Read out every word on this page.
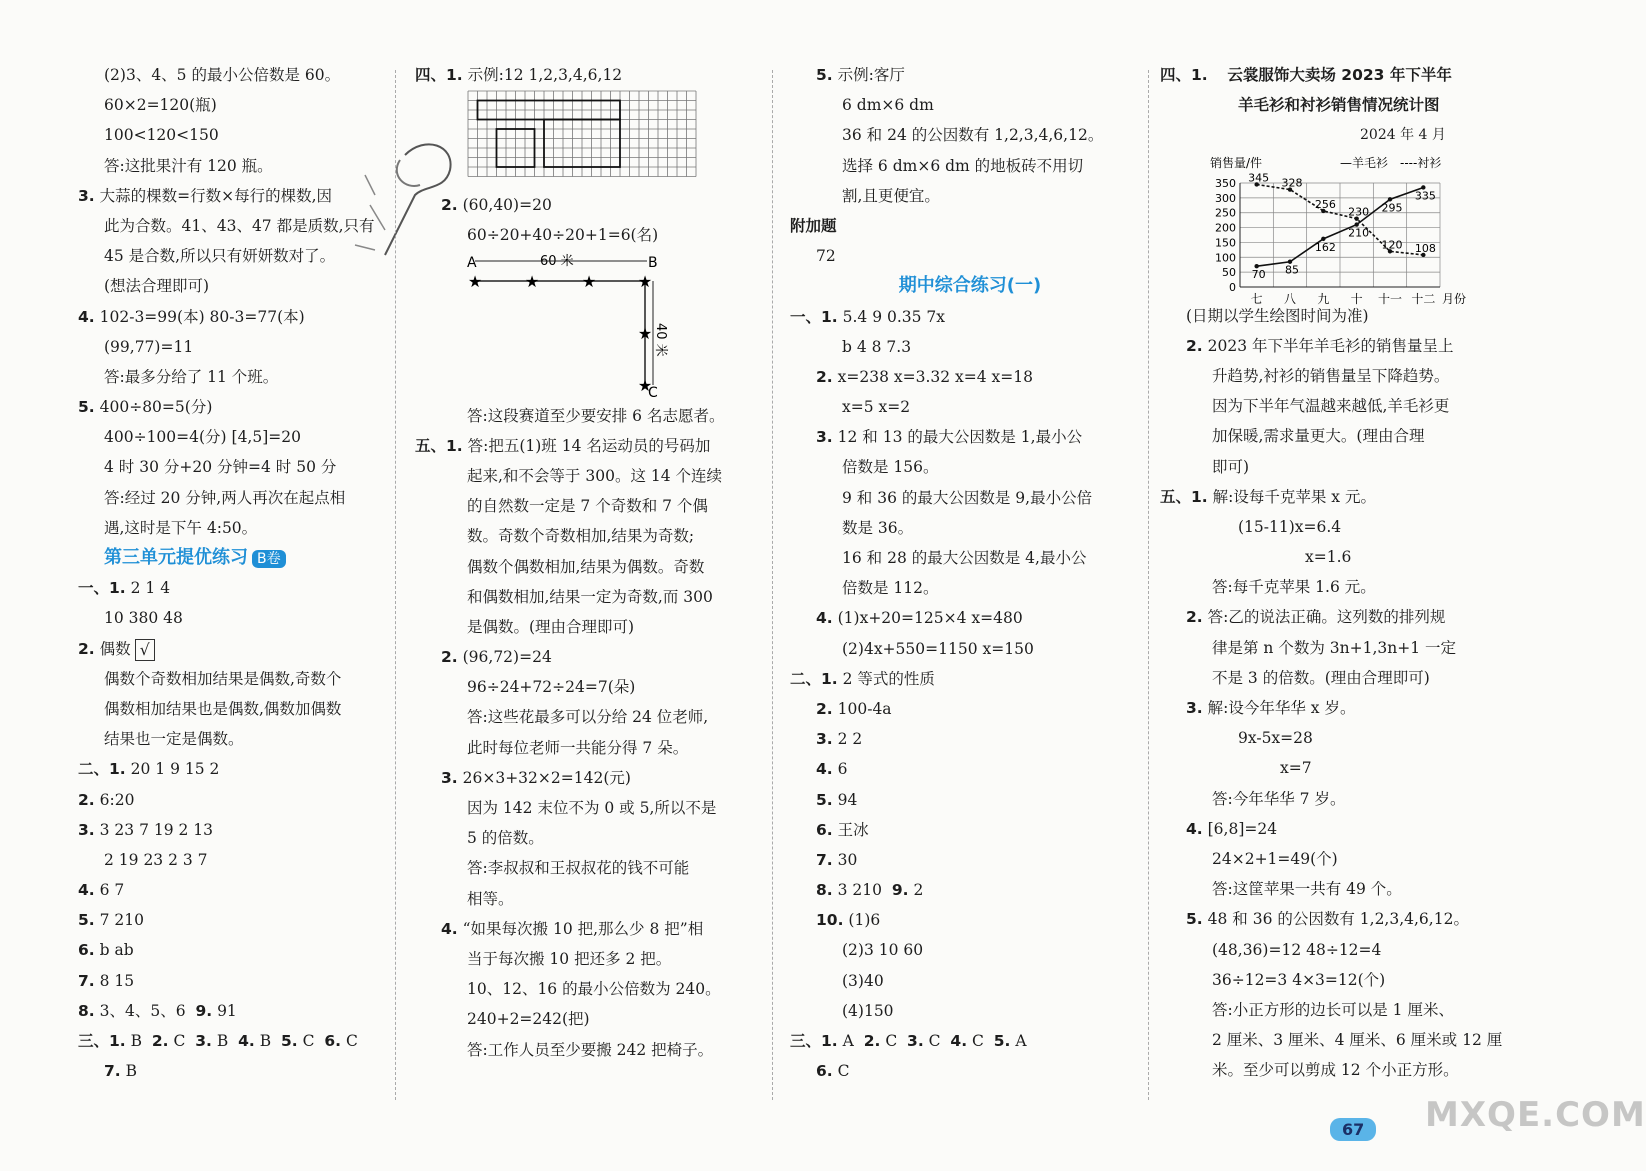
(2)3、4、5 的最小公倍数是 60。
60×2=120(瓶)
100<120<150
答:这批果汁有 120 瓶。
3. 大蒜的棵数=行数×每行的棵数,因
此为合数。41、43、47 都是质数,只有
45 是合数,所以只有妍妍数对了。
(想法合理即可)
4. 102-3=99(本) 80-3=77(本)
(99,77)=11
答:最多分给了 11 个班。
5. 400÷80=5(分)
400÷100=4(分) [4,5]=20
4 时 30 分+20 分钟=4 时 50 分
答:经过 20 分钟,两人再次在起点相
遇,这时是下午 4:50。
第三单元提优练习 B卷
一、1. 2 1 4
10 380 48
2. 偶数 √
偶数个奇数相加结果是偶数,奇数个
偶数相加结果也是偶数,偶数加偶数
结果也一定是偶数。
二、1. 20 1 9 15 2
2. 6:20
3. 3 23 7 19 2 13
2 19 23 2 3 7
4. 6 7
5. 7 210
6. b ab
7. 8 15
8. 3、4、5、6 9. 91
三、1. B 2. C 3. B 4. B 5. C 6. C
7. B
四、1. 示例:12 1,2,3,4,6,12
2. (60,40)=20
60÷20+40÷20+1=6(名)
A	B
C
60 米
40 米
★	★	★	★
★
★
答:这段赛道至少要安排 6 名志愿者。
五、1. 答:把五(1)班 14 名运动员的号码加
起来,和不会等于 300。这 14 个连续
的自然数一定是 7 个奇数和 7 个偶
数。奇数个奇数相加,结果为奇数;
偶数个偶数相加,结果为偶数。奇数
和偶数相加,结果一定为奇数,而 300
是偶数。(理由合理即可)
2. (96,72)=24
96÷24+72÷24=7(朵)
答:这些花最多可以分给 24 位老师,
此时每位老师一共能分得 7 朵。
3. 26×3+32×2=142(元)
因为 142 末位不为 0 或 5,所以不是
5 的倍数。
答:李叔叔和王叔叔花的钱不可能
相等。
4. “如果每次搬 10 把,那么少 8 把”相
当于每次搬 10 把还多 2 把。
10、12、16 的最小公倍数为 240。
240+2=242(把)
答:工作人员至少要搬 242 把椅子。
5. 示例:客厅
6 dm×6 dm
36 和 24 的公因数有 1,2,3,4,6,12。
选择 6 dm×6 dm 的地板砖不用切
割,且更便宜。
附加题
72
期中综合练习(一)
一、1. 5.4 9 0.35 7x
b 4 8 7.3
2. x=238 x=3.32 x=4 x=18
x=5 x=2
3. 12 和 13 的最大公因数是 1,最小公
倍数是 156。
9 和 36 的最大公因数是 9,最小公倍
数是 36。
16 和 28 的最大公因数是 4,最小公
倍数是 112。
4. (1)x+20=125×4 x=480
(2)4x+550=1150 x=150
二、1. 2 等式的性质
2. 100-4a
3. 2 2
4. 6
5. 94
6. 王冰
7. 30
8. 3 210 9. 2
10. (1)6
(2)3 10 60
(3)40
(4)150
三、1. A 2. C 3. C 4. C 5. A
6. C
四、1. 云裳服饰大卖场 2023 年下半年
羊毛衫和衬衫销售情况统计图
2024 年 4 月
销售量/件	—羊毛衫 ----衬衫
0
50
100
150
200
250
300
350
七 八 九 十 十一 十二 月份
70 85
162
210
295
335
345 328
256
230
120 108
(日期以学生绘图时间为准)
2. 2023 年下半年羊毛衫的销售量呈上
升趋势,衬衫的销售量呈下降趋势。
因为下半年气温越来越低,羊毛衫更
加保暖,需求量更大。(理由合理
即可)
五、1. 解:设每千克苹果 x 元。
(15-11)x=6.4
x=1.6
答:每千克苹果 1.6 元。
2. 答:乙的说法正确。这列数的排列规
律是第 n 个数为 3n+1,3n+1 一定
不是 3 的倍数。(理由合理即可)
3. 解:设今年华华 x 岁。
9x-5x=28
x=7
答:今年华华 7 岁。
4. [6,8]=24
24×2+1=49(个)
答:这筐苹果一共有 49 个。
5. 48 和 36 的公因数有 1,2,3,4,6,12。
(48,36)=12 48÷12=4
36÷12=3 4×3=12(个)
答:小正方形的边长可以是 1 厘米、
2 厘米、3 厘米、4 厘米、6 厘米或 12 厘
米。至少可以剪成 12 个小正方形。
67	MXQE.COM
